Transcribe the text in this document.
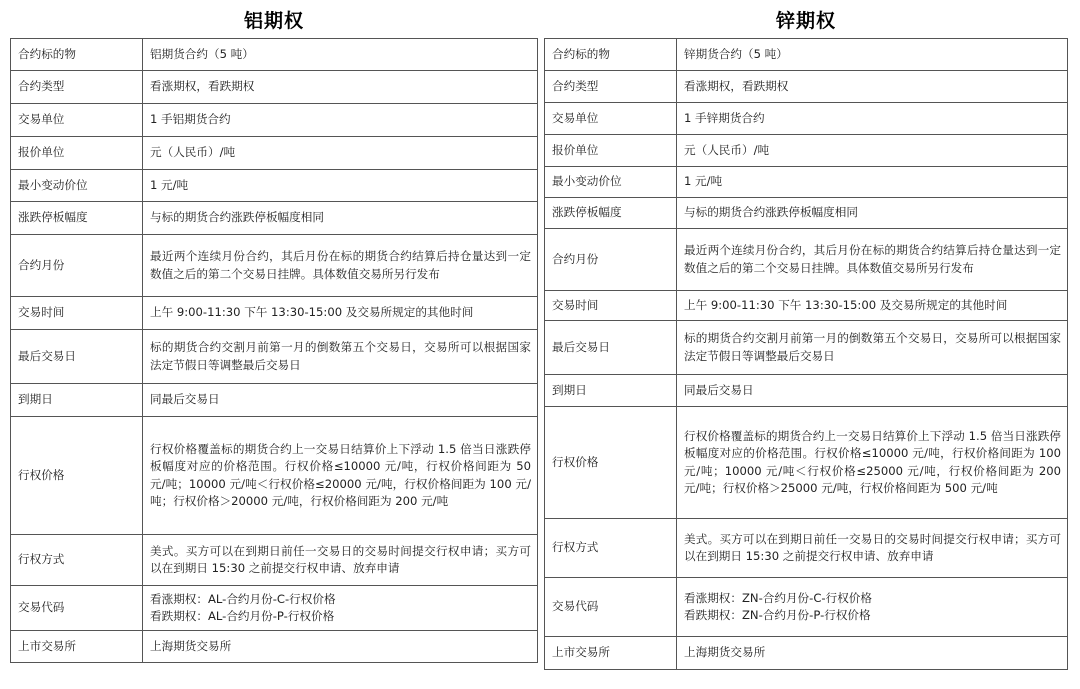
铝期权
合约标的物	铝期货合约（5 吨）
合约类型	看涨期权，看跌期权
交易单位	1 手铝期货合约
报价单位	元（人民币）/吨
最小变动价位	1 元/吨
涨跌停板幅度	与标的期货合约涨跌停板幅度相同
合约月份	最近两个连续月份合约，其后月份在标的期货合约结算后持仓量达到一定数值之后的第二个交易日挂牌。具体数值交易所另行发布
交易时间	上午 9:00-11:30 下午 13:30-15:00 及交易所规定的其他时间
最后交易日	标的期货合约交割月前第一月的倒数第五个交易日，交易所可以根据国家法定节假日等调整最后交易日
到期日	同最后交易日
行权价格	行权价格覆盖标的期货合约上一交易日结算价上下浮动 1.5 倍当日涨跌停板幅度对应的价格范围。行权价格≤10000 元/吨，行权价格间距为 50 元/吨；10000 元/吨＜行权价格≤20000 元/吨，行权价格间距为 100 元/吨；行权价格＞20000 元/吨，行权价格间距为 200 元/吨
行权方式	美式。买方可以在到期日前任一交易日的交易时间提交行权申请；买方可以在到期日 15:30 之前提交行权申请、放弃申请
交易代码	看涨期权：AL-合约月份-C-行权价格
看跌期权：AL-合约月份-P-行权价格
上市交易所	上海期货交易所
锌期权
合约标的物	锌期货合约（5 吨）
合约类型	看涨期权，看跌期权
交易单位	1 手锌期货合约
报价单位	元（人民币）/吨
最小变动价位	1 元/吨
涨跌停板幅度	与标的期货合约涨跌停板幅度相同
合约月份	最近两个连续月份合约，其后月份在标的期货合约结算后持仓量达到一定数值之后的第二个交易日挂牌。具体数值交易所另行发布
交易时间	上午 9:00-11:30 下午 13:30-15:00 及交易所规定的其他时间
最后交易日	标的期货合约交割月前第一月的倒数第五个交易日，交易所可以根据国家法定节假日等调整最后交易日
到期日	同最后交易日
行权价格	行权价格覆盖标的期货合约上一交易日结算价上下浮动 1.5 倍当日涨跌停板幅度对应的价格范围。行权价格≤10000 元/吨，行权价格间距为 100 元/吨；10000 元/吨＜行权价格≤25000 元/吨，行权价格间距为 200 元/吨；行权价格＞25000 元/吨，行权价格间距为 500 元/吨
行权方式	美式。买方可以在到期日前任一交易日的交易时间提交行权申请；买方可以在到期日 15:30 之前提交行权申请、放弃申请
交易代码	看涨期权：ZN-合约月份-C-行权价格
看跌期权：ZN-合约月份-P-行权价格
上市交易所	上海期货交易所
